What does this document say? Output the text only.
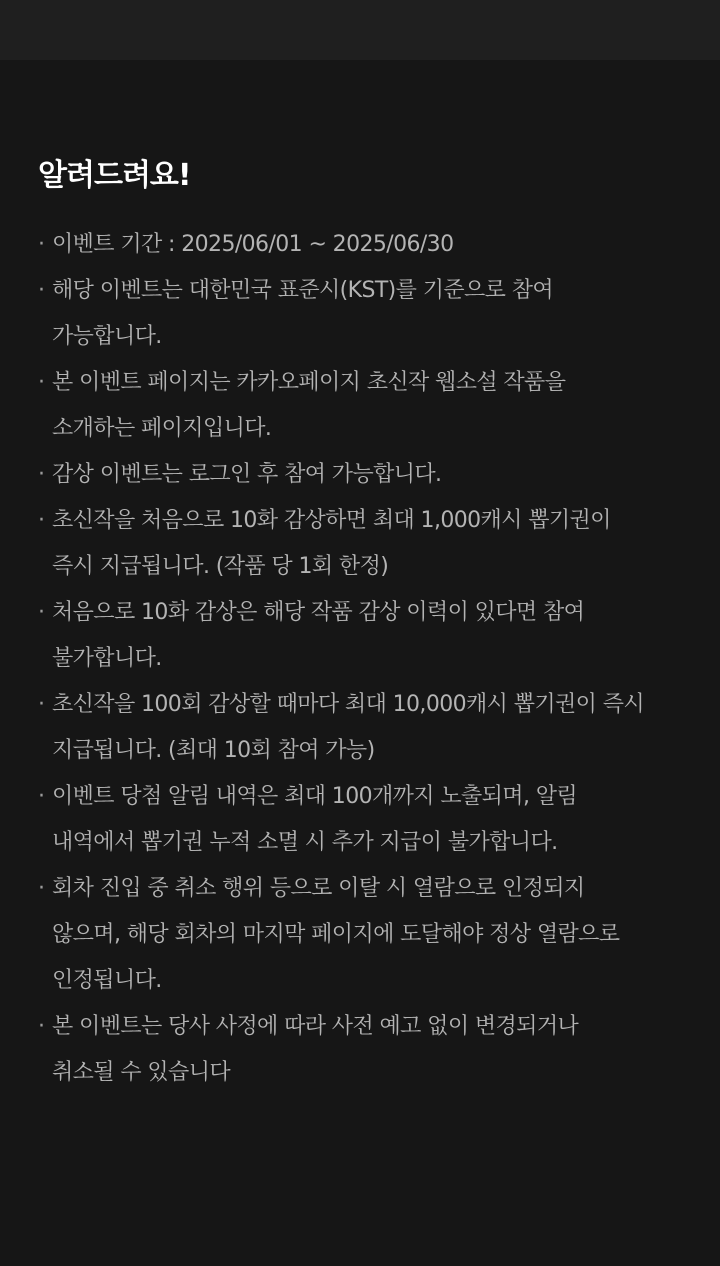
알려드려요!
· 이벤트 기간 : 2025/06/01 ~ 2025/06/30
· 해당 이벤트는 대한민국 표준시(KST)를 기준으로 참여
가능합니다.
· 본 이벤트 페이지는 카카오페이지 초신작 웹소설 작품을
소개하는 페이지입니다.
· 감상 이벤트는 로그인 후 참여 가능합니다.
· 초신작을 처음으로 10화 감상하면 최대 1,000캐시 뽑기권이
즉시 지급됩니다. (작품 당 1회 한정)
· 처음으로 10화 감상은 해당 작품 감상 이력이 있다면 참여
불가합니다.
· 초신작을 100회 감상할 때마다 최대 10,000캐시 뽑기권이 즉시
지급됩니다. (최대 10회 참여 가능)
· 이벤트 당첨 알림 내역은 최대 100개까지 노출되며, 알림
내역에서 뽑기권 누적 소멸 시 추가 지급이 불가합니다.
· 회차 진입 중 취소 행위 등으로 이탈 시 열람으로 인정되지
않으며, 해당 회차의 마지막 페이지에 도달해야 정상 열람으로
인정됩니다.
· 본 이벤트는 당사 사정에 따라 사전 예고 없이 변경되거나
취소될 수 있습니다
